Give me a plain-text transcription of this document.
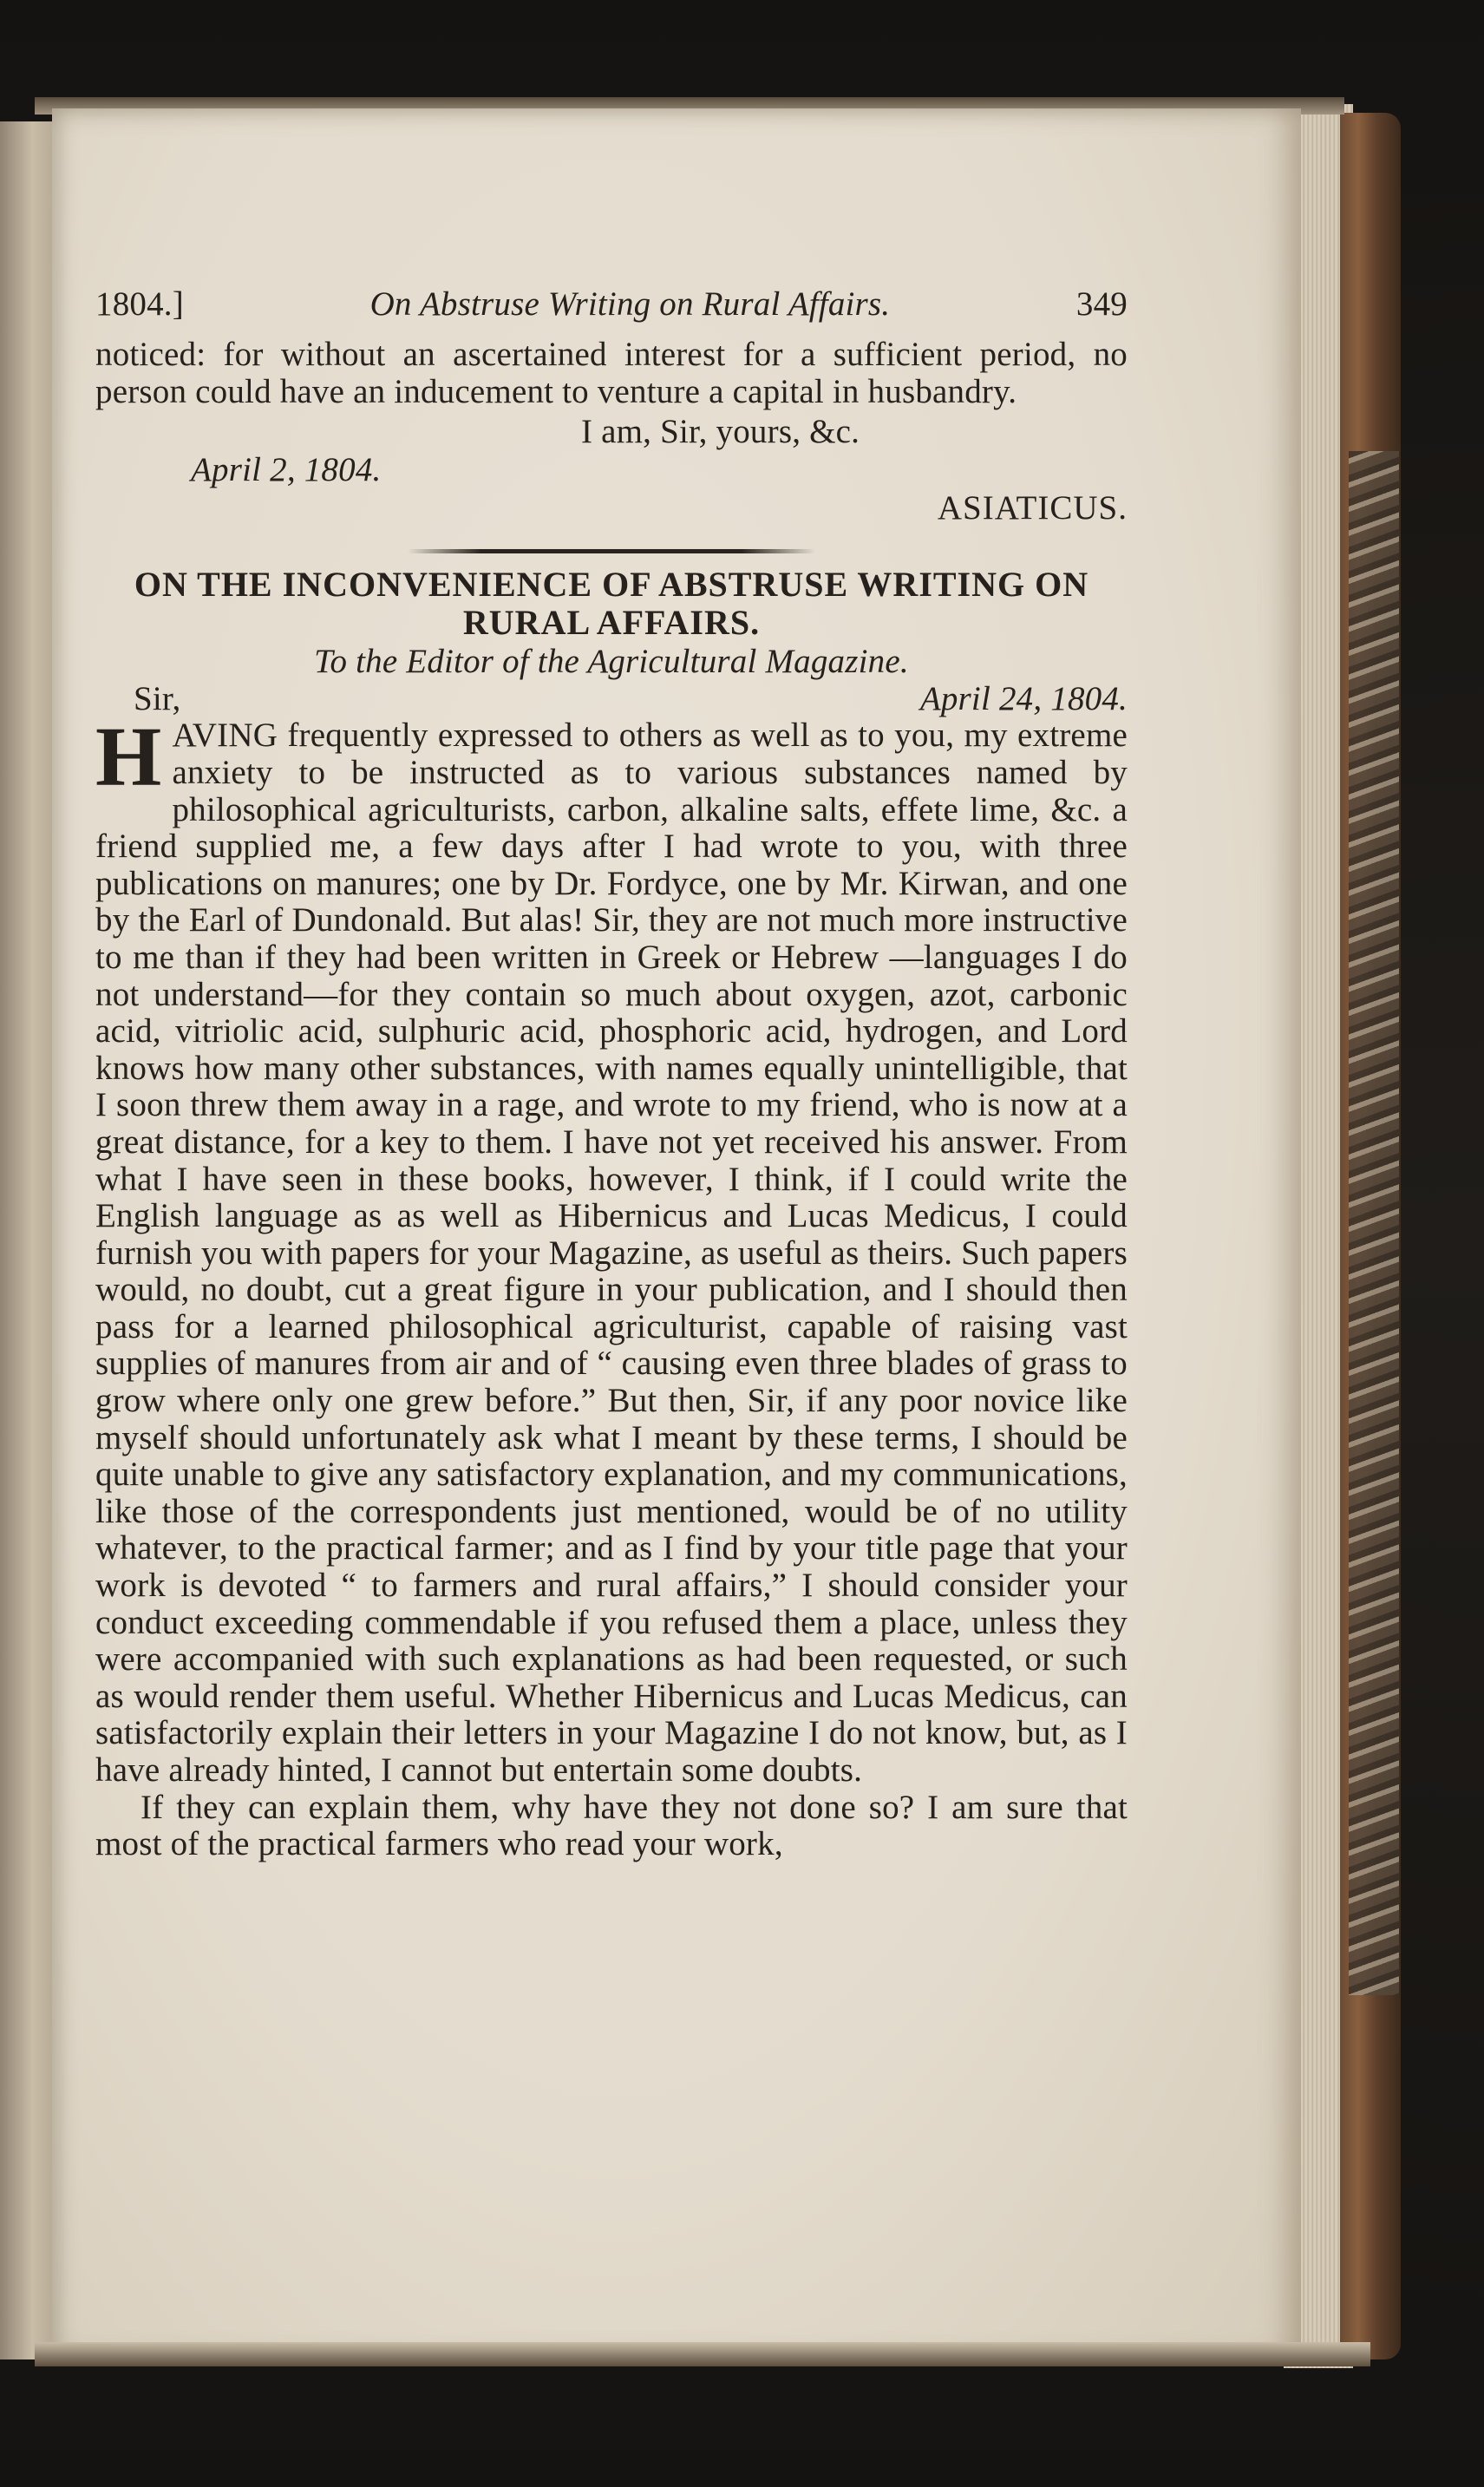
1804.]	On Abstruse Writing on Rural Affairs.	349

noticed: for without an ascertained interest for a sufficient period, no person could have an inducement to venture a capital in husbandry.

I am, Sir, yours, &c.
April 2, 1804.
ASIATICUS.

ON THE INCONVENIENCE OF ABSTRUSE WRITING ON RURAL AFFAIRS.

To the Editor of the Agricultural Magazine.

Sir,	April 24, 1804.

HAVING frequently expressed to others as well as to you, my extreme anxiety to be instructed as to various substances named by philosophical agriculturists, carbon, alkaline salts, effete lime, &c. a friend supplied me, a few days after I had wrote to you, with three publications on manures; one by Dr. Fordyce, one by Mr. Kirwan, and one by the Earl of Dundonald. But alas! Sir, they are not much more instructive to me than if they had been written in Greek or Hebrew —languages I do not understand—for they contain so much about oxygen, azot, carbonic acid, vitriolic acid, sulphuric acid, phosphoric acid, hydrogen, and Lord knows how many other substances, with names equally unintelligible, that I soon threw them away in a rage, and wrote to my friend, who is now at a great distance, for a key to them. I have not yet received his answer. From what I have seen in these books, however, I think, if I could write the English language as as well as Hibernicus and Lucas Medicus, I could furnish you with papers for your Magazine, as useful as theirs. Such papers would, no doubt, cut a great figure in your publication, and I should then pass for a learned philosophical agriculturist, capable of raising vast supplies of manures from air and of “ causing even three blades of grass to grow where only one grew before.” But then, Sir, if any poor novice like myself should unfortunately ask what I meant by these terms, I should be quite unable to give any satisfactory explanation, and my communications, like those of the correspondents just mentioned, would be of no utility whatever, to the practical farmer; and as I find by your title page that your work is devoted “ to farmers and rural affairs,” I should consider your conduct exceeding commendable if you refused them a place, unless they were accompanied with such explanations as had been requested, or such as would render them useful. Whether Hibernicus and Lucas Medicus, can satisfactorily explain their letters in your Magazine I do not know, but, as I have already hinted, I cannot but entertain some doubts.

If they can explain them, why have they not done so? I am sure that most of the practical farmers who read your work,
